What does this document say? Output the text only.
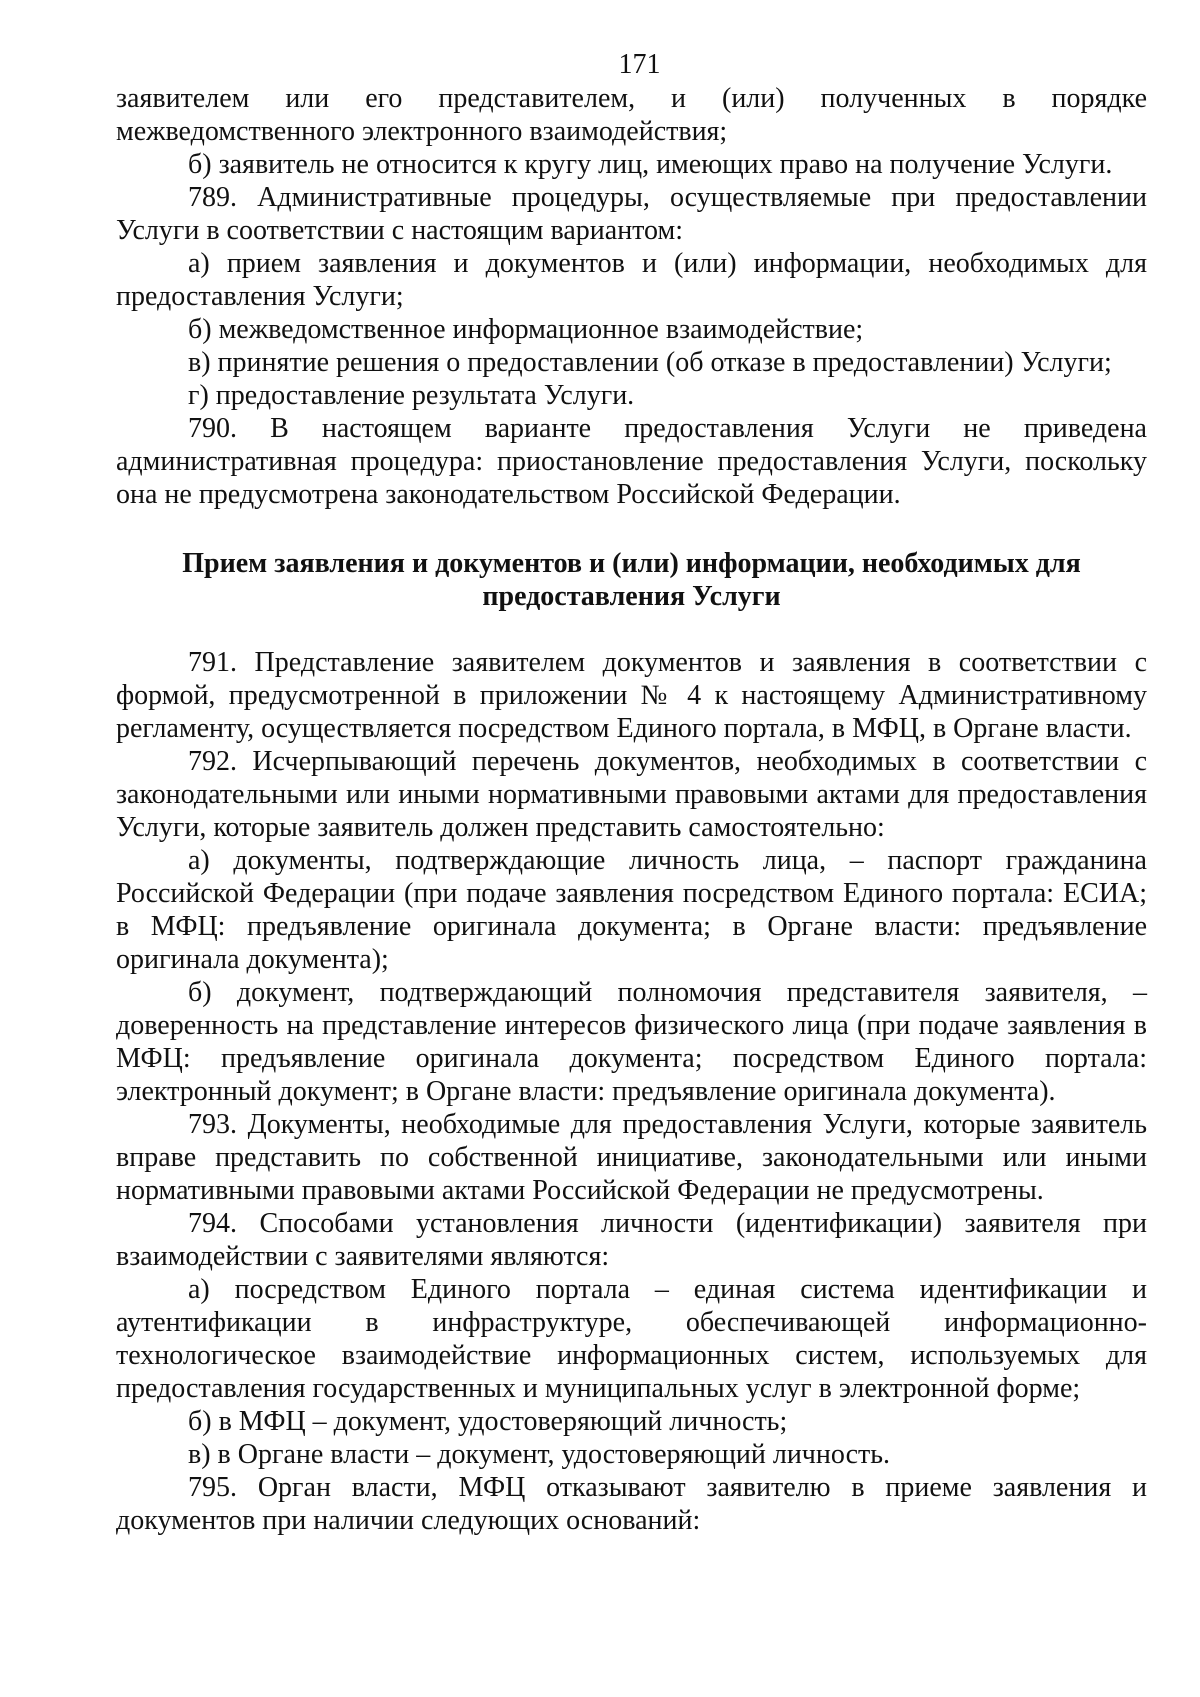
171

заявителем или его представителем, и (или) полученных в порядке межведомственного электронного взаимодействия;

б) заявитель не относится к кругу лиц, имеющих право на получение Услуги.

789. Административные процедуры, осуществляемые при предоставлении Услуги в соответствии с настоящим вариантом:

а) прием заявления и документов и (или) информации, необходимых для предоставления Услуги;

б) межведомственное информационное взаимодействие;

в) принятие решения о предоставлении (об отказе в предоставлении) Услуги;

г) предоставление результата Услуги.

790. В настоящем варианте предоставления Услуги не приведена административная процедура: приостановление предоставления Услуги, поскольку она не предусмотрена законодательством Российской Федерации.

Прием заявления и документов и (или) информации, необходимых для предоставления Услуги

791. Представление заявителем документов и заявления в соответствии с формой, предусмотренной в приложении № 4 к настоящему Административному регламенту, осуществляется посредством Единого портала, в МФЦ, в Органе власти.

792. Исчерпывающий перечень документов, необходимых в соответствии с законодательными или иными нормативными правовыми актами для предоставления Услуги, которые заявитель должен представить самостоятельно:

а) документы, подтверждающие личность лица, – паспорт гражданина Российской Федерации (при подаче заявления посредством Единого портала: ЕСИА; в МФЦ: предъявление оригинала документа; в Органе власти: предъявление оригинала документа);

б) документ, подтверждающий полномочия представителя заявителя, – доверенность на представление интересов физического лица (при подаче заявления в МФЦ: предъявление оригинала документа; посредством Единого портала: электронный документ; в Органе власти: предъявление оригинала документа).

793. Документы, необходимые для предоставления Услуги, которые заявитель вправе представить по собственной инициативе, законодательными или иными нормативными правовыми актами Российской Федерации не предусмотрены.

794. Способами установления личности (идентификации) заявителя при взаимодействии с заявителями являются:

а) посредством Единого портала – единая система идентификации и аутентификации в инфраструктуре, обеспечивающей информационно-технологическое взаимодействие информационных систем, используемых для предоставления государственных и муниципальных услуг в электронной форме;

б) в МФЦ – документ, удостоверяющий личность;

в) в Органе власти – документ, удостоверяющий личность.

795. Орган власти, МФЦ отказывают заявителю в приеме заявления и документов при наличии следующих оснований:
